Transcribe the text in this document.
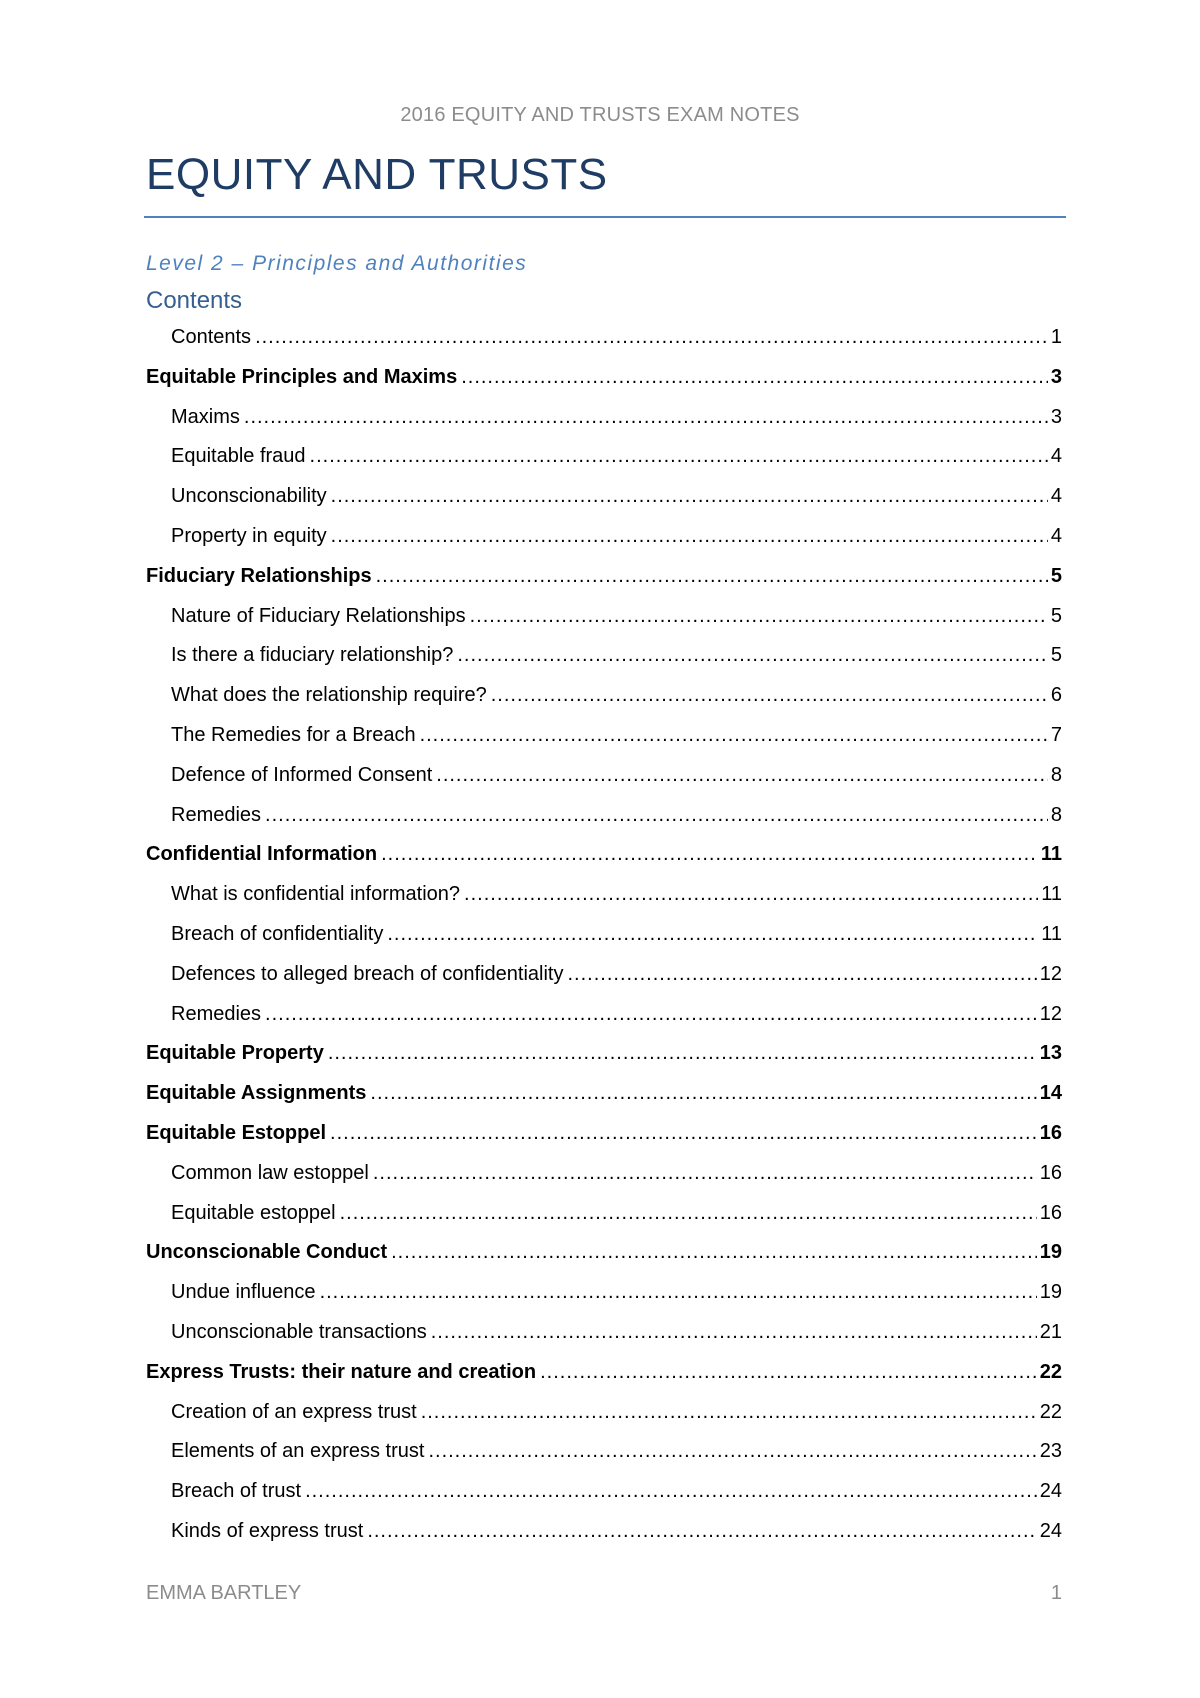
2016 EQUITY AND TRUSTS EXAM NOTES
EQUITY AND TRUSTS
Level 2 – Principles and Authorities
Contents
Contents .....	1
Equitable Principles and Maxims .....	3
Maxims .....	3
Equitable fraud .....	4
Unconscionability .....	4
Property in equity .....	4
Fiduciary Relationships .....	5
Nature of Fiduciary Relationships .....	5
Is there a fiduciary relationship? .....	5
What does the relationship require? .....	6
The Remedies for a Breach .....	7
Defence of Informed Consent .....	8
Remedies .....	8
Confidential Information .....	11
What is confidential information? .....	11
Breach of confidentiality .....	11
Defences to alleged breach of confidentiality .....	12
Remedies .....	12
Equitable Property .....	13
Equitable Assignments .....	14
Equitable Estoppel .....	16
Common law estoppel .....	16
Equitable estoppel .....	16
Unconscionable Conduct .....	19
Undue influence .....	19
Unconscionable transactions .....	21
Express Trusts: their nature and creation .....	22
Creation of an express trust .....	22
Elements of an express trust .....	23
Breach of trust .....	24
Kinds of express trust .....	24
EMMA BARTLEY	1
